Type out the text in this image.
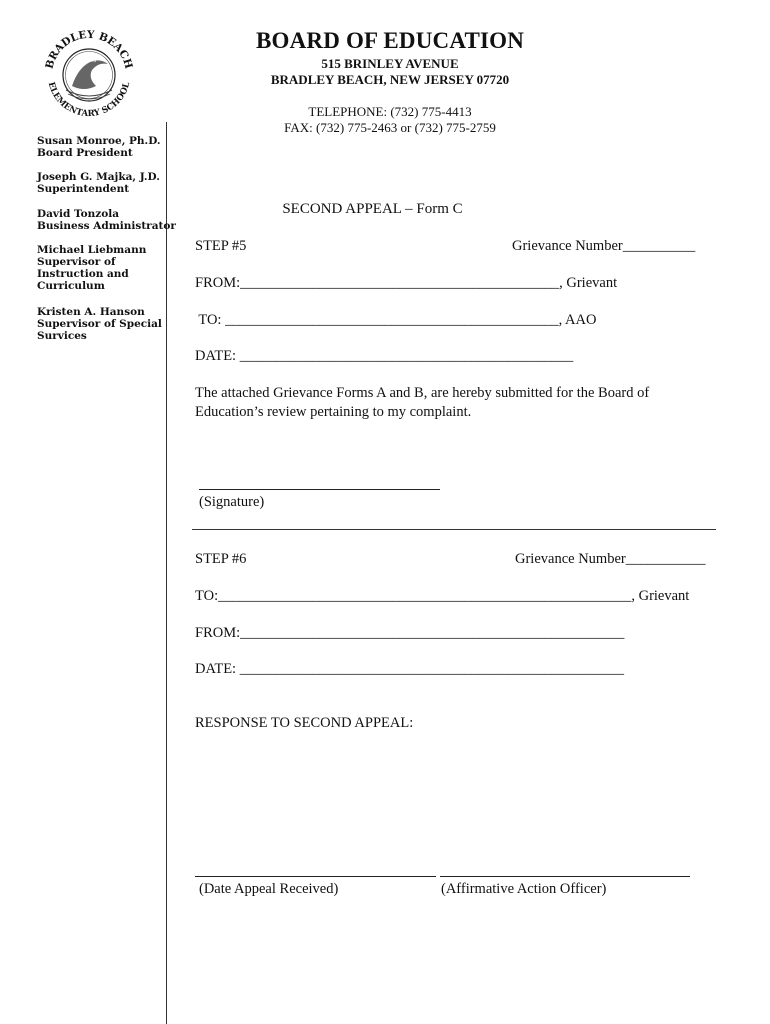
BRADLEY BEACH
ELEMENTARY SCHOOL
THE BREAKERS
BOARD OF EDUCATION
515 BRINLEY AVENUE
BRADLEY BEACH, NEW JERSEY 07720
TELEPHONE: (732) 775-4413
FAX: (732) 775-2463 or (732) 775-2759
Susan Monroe, Ph.D.
Board President
Joseph G. Majka, J.D.
Superintendent
David Tonzola
Business Administrator
Michael Liebmann
Supervisor of
Instruction and
Curriculum
Kristen A. Hanson
Supervisor of Special
Survices
SECOND APPEAL – Form C
STEP #5	Grievance Number__________
FROM:____________________________________________, Grievant
TO: ______________________________________________, AAO
DATE: ______________________________________________
The attached Grievance Forms A and B, are hereby submitted for the Board of Education’s review pertaining to my complaint.
(Signature)
STEP #6	Grievance Number___________
TO:_________________________________________________________, Grievant
FROM:_____________________________________________________
DATE: _____________________________________________________
RESPONSE TO SECOND APPEAL:
(Date Appeal Received)	(Affirmative Action Officer)
